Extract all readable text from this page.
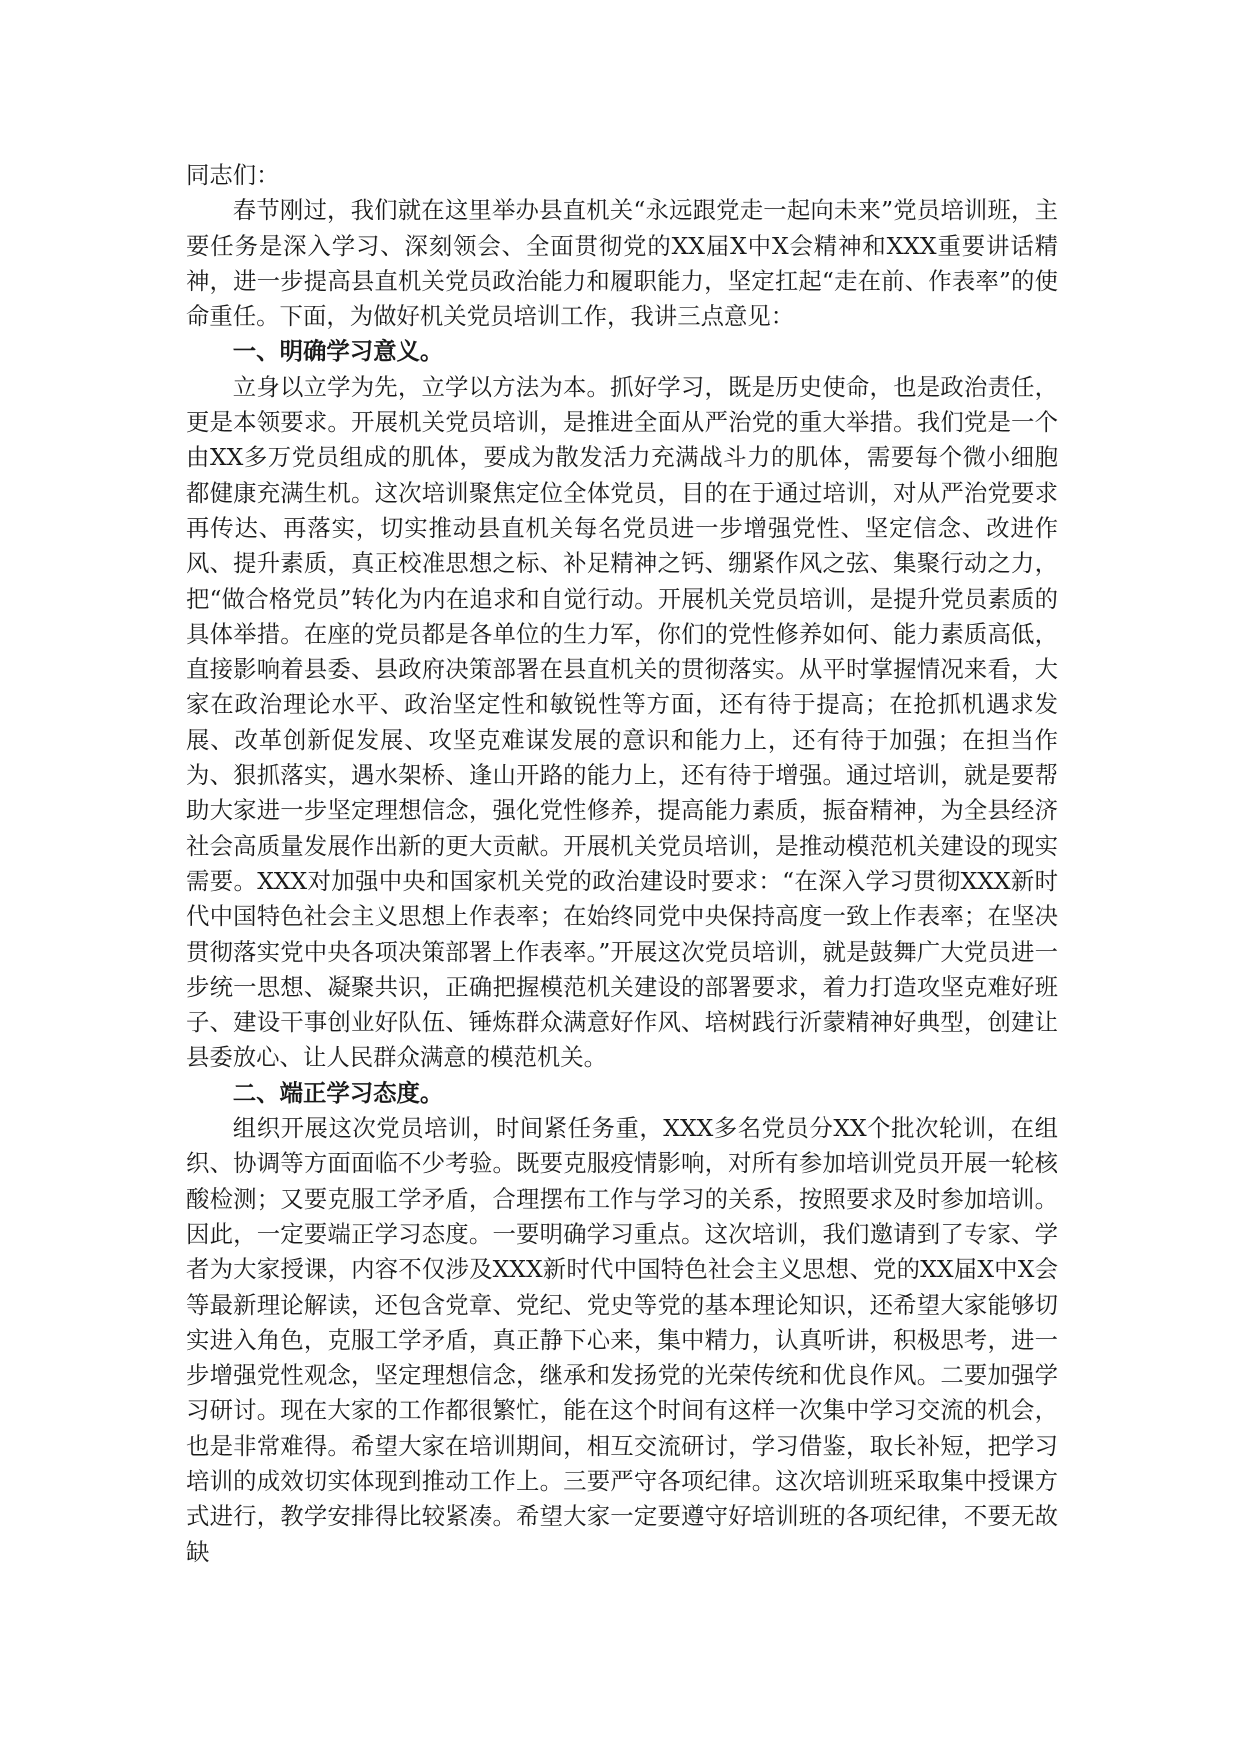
同志们：

春节刚过，我们就在这里举办县直机关“永远跟党走一起向未来”党员培训班，主要任务是深入学习、深刻领会、全面贯彻党的XX届X中X会精神和XXX重要讲话精神，进一步提高县直机关党员政治能力和履职能力，坚定扛起“走在前、作表率”的使命重任。下面，为做好机关党员培训工作，我讲三点意见：

一、明确学习意义。

立身以立学为先，立学以方法为本。抓好学习，既是历史使命，也是政治责任，更是本领要求。开展机关党员培训，是推进全面从严治党的重大举措。我们党是一个由XX多万党员组成的肌体，要成为散发活力充满战斗力的肌体，需要每个微小细胞都健康充满生机。这次培训聚焦定位全体党员，目的在于通过培训，对从严治党要求再传达、再落实，切实推动县直机关每名党员进一步增强党性、坚定信念、改进作风、提升素质，真正校准思想之标、补足精神之钙、绷紧作风之弦、集聚行动之力，把“做合格党员”转化为内在追求和自觉行动。开展机关党员培训，是提升党员素质的具体举措。在座的党员都是各单位的生力军，你们的党性修养如何、能力素质高低，直接影响着县委、县政府决策部署在县直机关的贯彻落实。从平时掌握情况来看，大家在政治理论水平、政治坚定性和敏锐性等方面，还有待于提高；在抢抓机遇求发展、改革创新促发展、攻坚克难谋发展的意识和能力上，还有待于加强；在担当作为、狠抓落实，遇水架桥、逢山开路的能力上，还有待于增强。通过培训，就是要帮助大家进一步坚定理想信念，强化党性修养，提高能力素质，振奋精神，为全县经济社会高质量发展作出新的更大贡献。开展机关党员培训，是推动模范机关建设的现实需要。XXX对加强中央和国家机关党的政治建设时要求：“在深入学习贯彻XXX新时代中国特色社会主义思想上作表率；在始终同党中央保持高度一致上作表率；在坚决贯彻落实党中央各项决策部署上作表率。”开展这次党员培训，就是鼓舞广大党员进一步统一思想、凝聚共识，正确把握模范机关建设的部署要求，着力打造攻坚克难好班子、建设干事创业好队伍、锤炼群众满意好作风、培树践行沂蒙精神好典型，创建让县委放心、让人民群众满意的模范机关。

二、端正学习态度。

组织开展这次党员培训，时间紧任务重，XXX多名党员分XX个批次轮训，在组织、协调等方面面临不少考验。既要克服疫情影响，对所有参加培训党员开展一轮核酸检测；又要克服工学矛盾，合理摆布工作与学习的关系，按照要求及时参加培训。因此，一定要端正学习态度。一要明确学习重点。这次培训，我们邀请到了专家、学者为大家授课，内容不仅涉及XXX新时代中国特色社会主义思想、党的XX届X中X会等最新理论解读，还包含党章、党纪、党史等党的基本理论知识，还希望大家能够切实进入角色，克服工学矛盾，真正静下心来，集中精力，认真听讲，积极思考，进一步增强党性观念，坚定理想信念，继承和发扬党的光荣传统和优良作风。二要加强学习研讨。现在大家的工作都很繁忙，能在这个时间有这样一次集中学习交流的机会，也是非常难得。希望大家在培训期间，相互交流研讨，学习借鉴，取长补短，把学习培训的成效切实体现到推动工作上。三要严守各项纪律。这次培训班采取集中授课方式进行，教学安排得比较紧凑。希望大家一定要遵守好培训班的各项纪律，不要无故缺
